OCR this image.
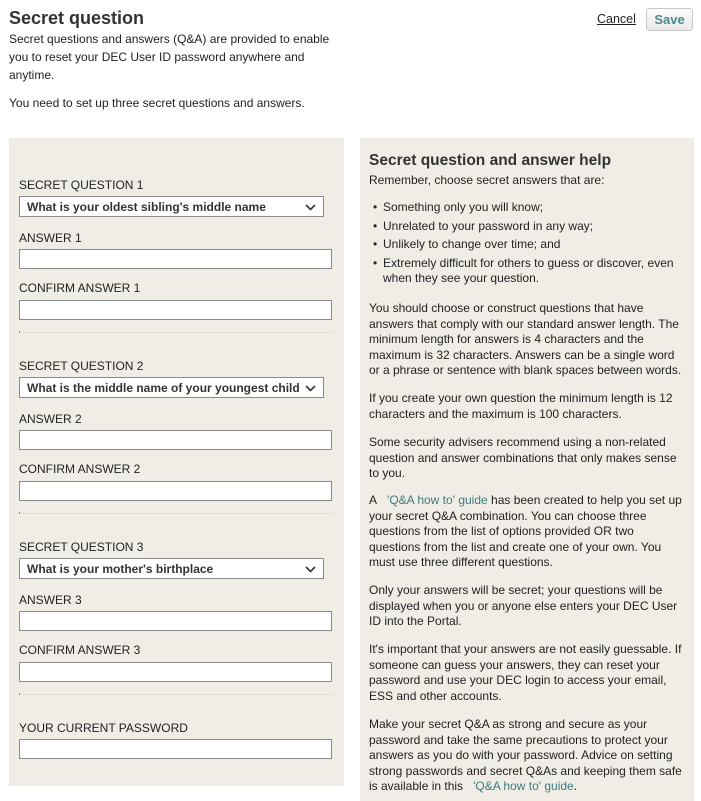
Secret question

Secret questions and answers (Q&A) are provided to enable you to reset your DEC User ID password anywhere and anytime.

You need to set up three secret questions and answers.

Cancel	Save
SECRET QUESTION 1
What is your oldest sibling's middle name
ANSWER 1
CONFIRM ANSWER 1
SECRET QUESTION 2
What is the middle name of your youngest child
ANSWER 2
CONFIRM ANSWER 2
SECRET QUESTION 3
What is your mother's birthplace
ANSWER 3
CONFIRM ANSWER 3
YOUR CURRENT PASSWORD
Secret question and answer help

Remember, choose secret answers that are:

• Something only you will know;
• Unrelated to your password in any way;
• Unlikely to change over time; and
• Extremely difficult for others to guess or discover, even when they see your question.

You should choose or construct questions that have answers that comply with our standard answer length. The minimum length for answers is 4 characters and the maximum is 32 characters. Answers can be a single word or a phrase or sentence with blank spaces between words.

If you create your own question the minimum length is 12 characters and the maximum is 100 characters.

Some security advisers recommend using a non-related question and answer combinations that only makes sense to you.

A 'Q&A how to' guide has been created to help you set up your secret Q&A combination. You can choose three questions from the list of options provided OR two questions from the list and create one of your own. You must use three different questions.

Only your answers will be secret; your questions will be displayed when you or anyone else enters your DEC User ID into the Portal.

It's important that your answers are not easily guessable. If someone can guess your answers, they can reset your password and use your DEC login to access your email, ESS and other accounts.

Make your secret Q&A as strong and secure as your password and take the same precautions to protect your answers as you do with your password. Advice on setting strong passwords and secret Q&As and keeping them safe is available in this 'Q&A how to' guide.
